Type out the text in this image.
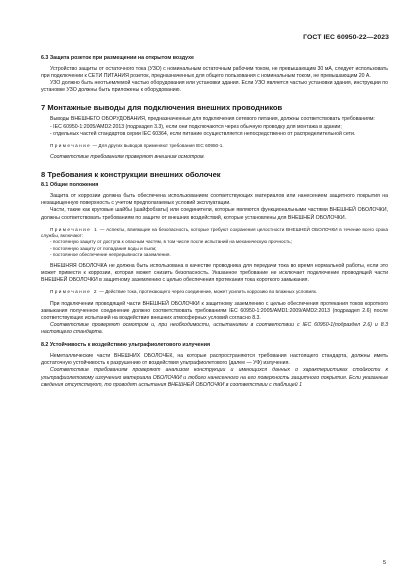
ГОСТ IEC 60950-22—2023

6.3 Защита розеток при размещении на открытом воздухе

Устройство защиты от остаточного тока (УЗО) с номинальным остаточным рабочим током, не превышающим 30 мА, следует использовать при подключении к СЕТИ ПИТАНИЯ розеток, предназначенных для общего пользования с номинальным током, не превышающим 20 А.

УЗО должно быть неотъемлемой частью оборудования или установки здания. Если УЗО является частью установки здания, инструкции по установке УЗО должны быть приложены к оборудованию.

7 Монтажные выводы для подключения внешних проводников

Выводы ВНЕШНЕГО ОБОРУДОВАНИЯ, предназначенные для подключения сетевого питания, должны соответствовать требованиям:

- IEC 60950-1:2005/AMD2:2013 (подраздел 3.3), если они подключаются через обычную проводку для монтажа в здании;

- отдельных частей стандартов серии IEC 60364, если питание осуществляется непосредственно от распределительной сети.

Примечание — Для других выводов применяют требования IEC 60950-1.

Соответствие требованиям проверяют внешним осмотром.

8 Требования к конструкции внешних оболочек

8.1 Общие положения

Защита от коррозии должна быть обеспечена использованием соответствующих материалов или нанесением защитного покрытия на незащищенную поверхность с учетом предполагаемых условий эксплуатации.

Части, такие как круговые шайбы (шайфобзаты) или соединители, которые являются функциональными частями ВНЕШНЕЙ ОБОЛОЧКИ, должны соответствовать требованиям по защите от внешних воздействий, которые установлены для ВНЕШНЕЙ ОБОЛОЧКИ.

Примечание 1 — Аспекты, влияющие на безопасность, которые требуют сохранения целостности ВНЕШНЕЙ ОБОЛОЧКИ в течение всего срока службы, включают:

- постоянную защиту от доступа к опасным частям, в том числе после испытаний на механическую прочность;

- постоянную защиту от попадания воды и пыли;

- постоянное обеспечение непрерывности заземления.

ВНЕШНЯЯ ОБОЛОЧКА не должна быть использована в качестве проводника для передачи тока во время нормальной работы, если это может привести к коррозии, которая может снизить безопасность. Указанное требование не исключает подключение проводящей части ВНЕШНЕЙ ОБОЛОЧКИ в защитному заземлению с целью обеспечения протекания тока короткого замыкания.

Примечание 2 — Действие тока, протекающего через соединение, может усилить коррозию во влажных условиях.

При подключении проводящей части ВНЕШНЕЙ ОБОЛОЧКИ к защитному заземлению с целью обеспечения протекания токов короткого замыкания полученное соединение должно соответствовать требованиям IEC 60950-1:2005/AMD1:2009/AMD2:2013 (подраздел 2.6) после соответствующих испытаний на воздействие внешних атмосферных условий согласно 8.3.

Соответствие проверяют осмотром и, при необходимости, испытаниями в соответствии с IEC 60950-1(подраздел 2.6) и 8.3 настоящего стандарта.

8.2 Устойчивость к воздействию ультрафиолетового излучения

Неметаллические части ВНЕШНИХ ОБОЛОЧЕК, на которые распространяются требования настоящего стандарта, должны иметь достаточную устойчивость к разрушению от воздействия ультрафиолетового (далее — УФ) излучения.

Соответствие требованиям проверяют анализом конструкции и имеющихся данных о характеристиках стойкости к ультрафиолетовому излучению материала ОБОЛОЧКИ и любого нанесенного на его поверхность защитного покрытия. Если указанные сведения отсутствуют, то проводят испытания ВНЕШНЕЙ ОБОЛОЧКИ в соответствии с таблицей 1

5
